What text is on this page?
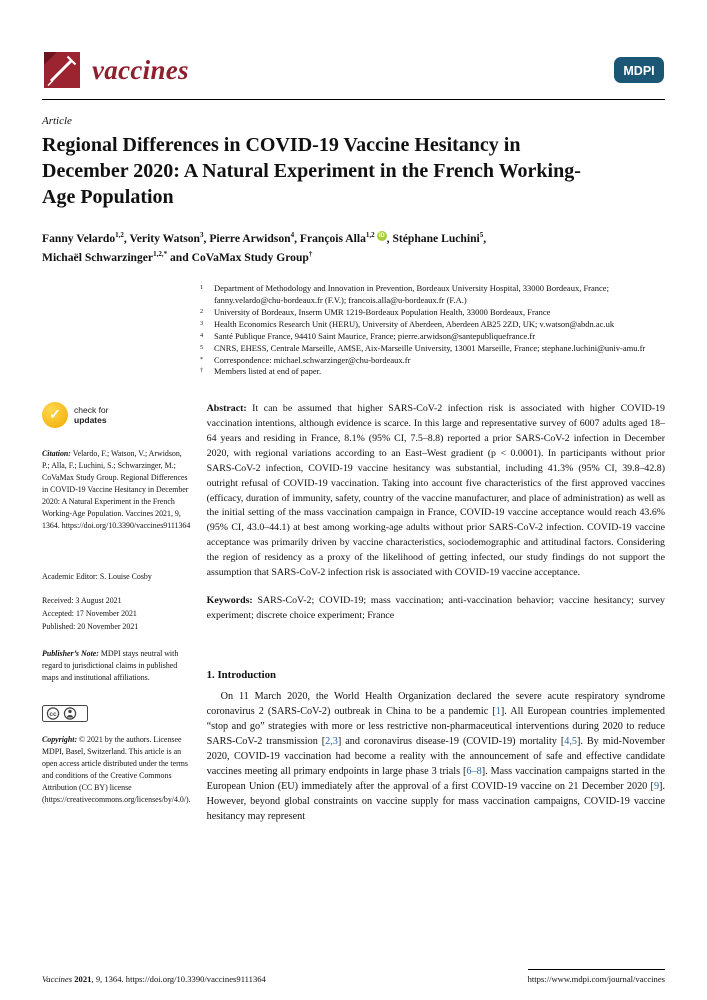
vaccines	MDPI
Article
Regional Differences in COVID-19 Vaccine Hesitancy in December 2020: A Natural Experiment in the French Working-Age Population
Fanny Velardo$^{1,2}$, Verity Watson$^3$, Pierre Arwidson$^4$, François Alla$^{1,2}$ iD , Stéphane Luchini$^5$,
Michaël Schwarzinger$^{1,2,*}$ and CoVaMax Study Group†
1	Department of Methodology and Innovation in Prevention, Bordeaux University Hospital, 33000 Bordeaux, France; fanny.velardo@chu-bordeaux.fr (F.V.); francois.alla@u-bordeaux.fr (F.A.)
2	University of Bordeaux, Inserm UMR 1219-Bordeaux Population Health, 33000 Bordeaux, France
3	Health Economics Research Unit (HERU), University of Aberdeen, Aberdeen AB25 2ZD, UK; v.watson@abdn.ac.uk
4	Santé Publique France, 94410 Saint Maurice, France; pierre.arwidson@santepubliquefrance.fr
5	CNRS, EHESS, Centrale Marseille, AMSE, Aix-Marseille University, 13001 Marseille, France; stephane.luchini@univ-amu.fr
*	Correspondence: michael.schwarzinger@chu-bordeaux.fr
†	Members listed at end of paper.
✓	check for
updates
Citation: Velardo, F.; Watson, V.; Arwidson, P.; Alla, F.; Luchini, S.; Schwarzinger, M.; CoVaMax Study Group. Regional Differences in COVID-19 Vaccine Hesitancy in December 2020: A Natural Experiment in the French Working-Age Population. Vaccines 2021, 9, 1364. https://doi.org/10.3390/vaccines9111364
Academic Editor: S. Louise Cosby
Received: 3 August 2021
Accepted: 17 November 2021
Published: 20 November 2021
Publisher’s Note: MDPI stays neutral with regard to jurisdictional claims in published maps and institutional affiliations.
cc
Copyright: © 2021 by the authors. Licensee MDPI, Basel, Switzerland. This article is an open access article distributed under the terms and conditions of the Creative Commons Attribution (CC BY) license (https://creativecommons.org/licenses/by/4.0/).

Abstract: It can be assumed that higher SARS-CoV-2 infection risk is associated with higher COVID-19 vaccination intentions, although evidence is scarce. In this large and representative survey of 6007 adults aged 18–64 years and residing in France, 8.1% (95% CI, 7.5–8.8) reported a prior SARS-CoV-2 infection in December 2020, with regional variations according to an East–West gradient (p < 0.0001). In participants without prior SARS-CoV-2 infection, COVID-19 vaccine hesitancy was substantial, including 41.3% (95% CI, 39.8–42.8) outright refusal of COVID-19 vaccination. Taking into account five characteristics of the first approved vaccines (efficacy, duration of immunity, safety, country of the vaccine manufacturer, and place of administration) as well as the initial setting of the mass vaccination campaign in France, COVID-19 vaccine acceptance would reach 43.6% (95% CI, 43.0–44.1) at best among working-age adults without prior SARS-CoV-2 infection. COVID-19 vaccine acceptance was primarily driven by vaccine characteristics, sociodemographic and attitudinal factors. Considering the region of residency as a proxy of the likelihood of getting infected, our study findings do not support the assumption that SARS-CoV-2 infection risk is associated with COVID-19 vaccine acceptance.

Keywords: SARS-CoV-2; COVID-19; mass vaccination; anti-vaccination behavior; vaccine hesitancy; survey experiment; discrete choice experiment; France

1. Introduction

On 11 March 2020, the World Health Organization declared the severe acute respiratory syndrome coronavirus 2 (SARS-CoV-2) outbreak in China to be a pandemic [1]. All European countries implemented “stop and go” strategies with more or less restrictive non-pharmaceutical interventions during 2020 to reduce SARS-CoV-2 transmission [2,3] and coronavirus disease-19 (COVID-19) mortality [4,5]. By mid-November 2020, COVID-19 vaccination had become a reality with the announcement of safe and effective candidate vaccines meeting all primary endpoints in large phase 3 trials [6–8]. Mass vaccination campaigns started in the European Union (EU) immediately after the approval of a first COVID-19 vaccine on 21 December 2020 [9]. However, beyond global constraints on vaccine supply for mass vaccination campaigns, COVID-19 vaccine hesitancy may represent

Vaccines 2021, 9, 1364. https://doi.org/10.3390/vaccines9111364	https://www.mdpi.com/journal/vaccines
